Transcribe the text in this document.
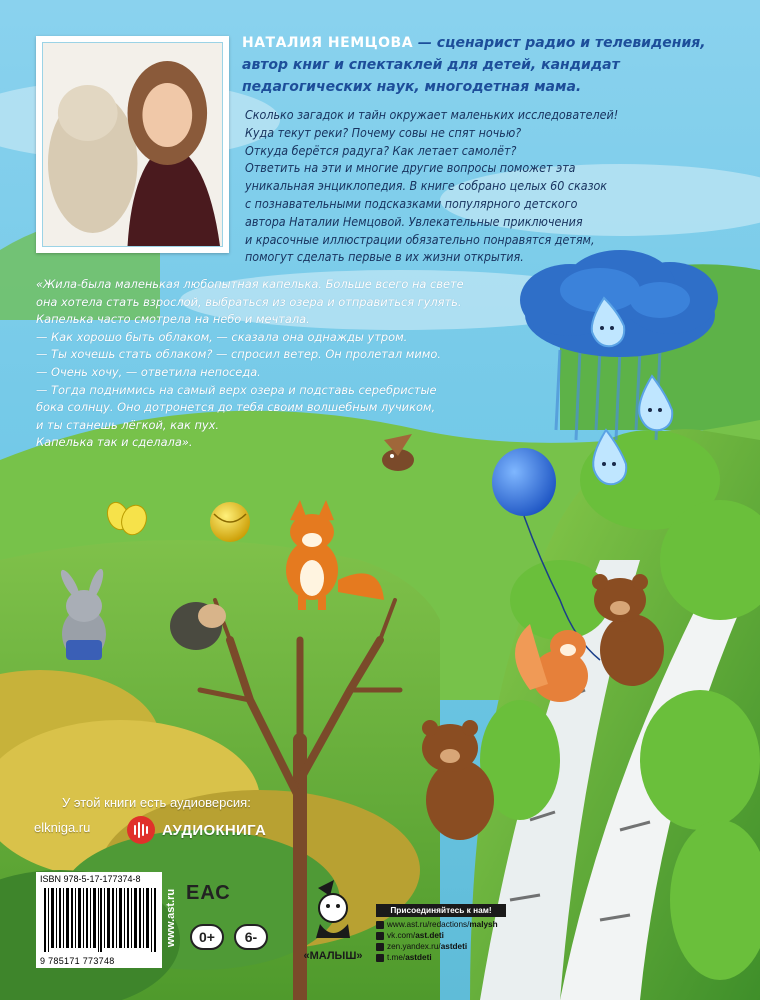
НАТАЛИЯ НЕМЦОВА — сценарист радио и телевидения, автор книг и спектаклей для детей, кандидат педагогических наук, многодетная мама.
Сколько загадок и тайн окружает маленьких исследователей!
Куда текут реки? Почему совы не спят ночью?
Откуда берётся радуга? Как летает самолёт?
Ответить на эти и многие другие вопросы поможет эта
уникальная энциклопедия. В книге собрано целых 60 сказок
с познавательными подсказками популярного детского
автора Наталии Немцовой. Увлекательные приключения
и красочные иллюстрации обязательно понравятся детям,
помогут сделать первые в их жизни открытия.
«Жила-была маленькая любопытная капелька. Больше всего на свете
она хотела стать взрослой, выбраться из озера и отправиться гулять.
Капелька часто смотрела на небо и мечтала.
— Как хорошо быть облаком, — сказала она однажды утром.
— Ты хочешь стать облаком? — спросил ветер. Он пролетал мимо.
— Очень хочу, — ответила непоседа.
— Тогда поднимись на самый верх озера и подставь серебристые
бока солнцу. Оно дотронется до тебя своим волшебным лучиком,
и ты станешь лёгкой, как пух.
Капелька так и сделала».
У этой книги есть аудиоверсия:
elknigа.ru	АУДИОКНИГА
ISBN 978-5-17-177374-8
9 785171 773748
www.ast.ru ЕАС
0+	6-
«МАЛЫШ»
Присоединяйтесь к нам!
www.ast.ru/redactions/ malysh
vk.com/ ast.deti
zen.yandex.ru/ astdeti
t.me/ astdeti
